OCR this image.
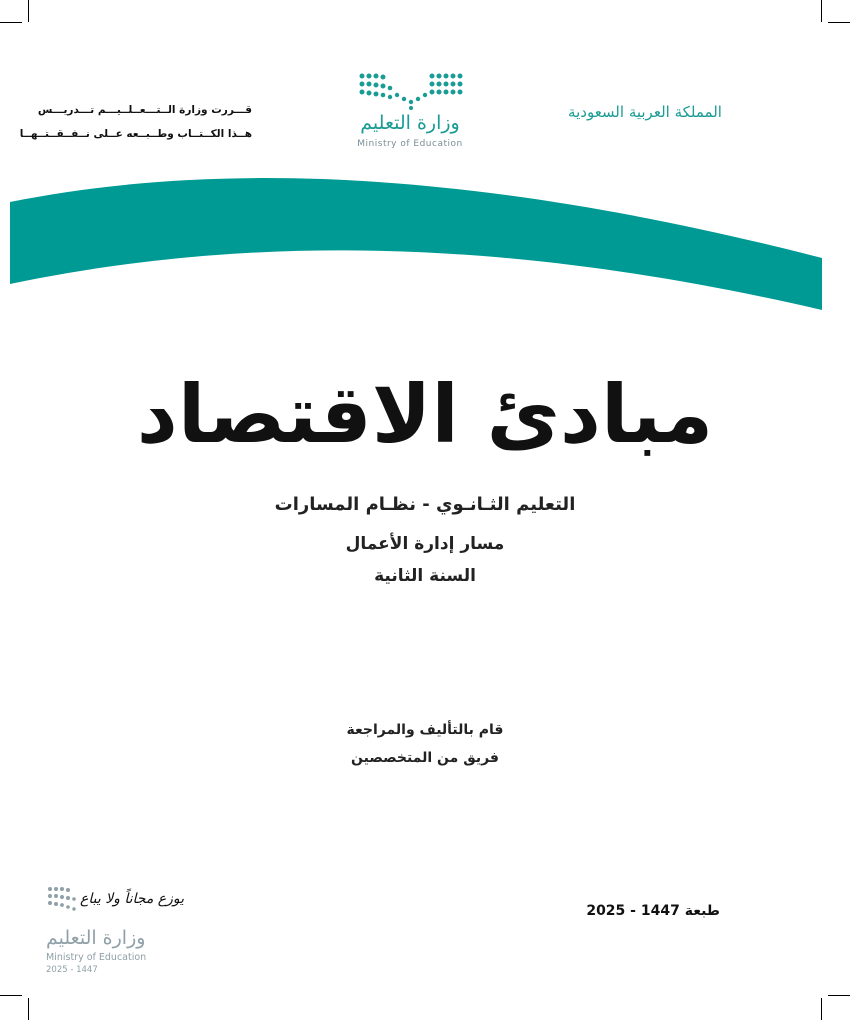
المملكة العربية السعودية
وزارة التعليم
Ministry of Education
قـــررت وزارة الــتـــعــلــيـــم تـــدريـــس
هــذا الكــتــاب وطــبــعه عــلى نــفــقــتــهــا
مبادئ الاقتصاد
التعليم الثـانـوي - نظـام المسارات
مسار إدارة الأعمال
السنة الثانية
قام بالتأليف والمراجعة
فريق من المتخصصين
طبعة 1447 - 2025
يوزع مجاناً ولا يباع
وزارة التعليم
Ministry of Education
2025 - 1447
